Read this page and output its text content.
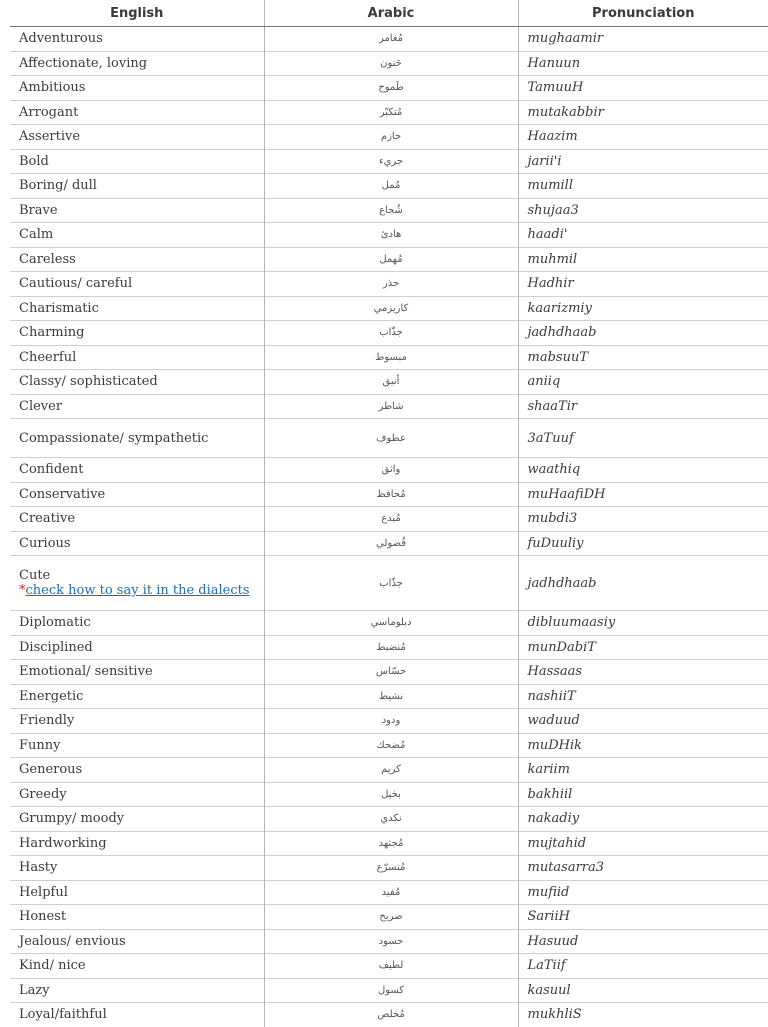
English	Arabic	Pronunciation
Adventurous	مُغامر	mughaamir
Affectionate, loving	حَنون	Hanuun
Ambitious	طَموح	TamuuH
Arrogant	مُتكبّر	mutakabbir
Assertive	حازم	Haazim
Bold	جريء	jarii'i
Boring/ dull	مُمل	mumill
Brave	شُجاع	shujaa3
Calm	هادئ	haadi'
Careless	مُهمل	muhmil
Cautious/ careful	حذر	Hadhir
Charismatic	كاريزمي	kaarizmiy
Charming	جذّاب	jadhdhaab
Cheerful	مبسوط	mabsuuT
Classy/ sophisticated	أنيق	aniiq
Clever	شاطر	shaaTir
Compassionate/ sympathetic	عطوف	3aTuuf
Confident	واثق	waathiq
Conservative	مُحافظ	muHaafiDH
Creative	مُبدع	mubdi3
Curious	فُضولي	fuDuuliy
Cute
*check how to say it in the dialects	جذّاب	jadhdhaab
Diplomatic	دبلوماسي	dibluumaasiy
Disciplined	مُنضبط	munDabiT
Emotional/ sensitive	حسّاس	Hassaas
Energetic	نشيط	nashiiT
Friendly	ودود	waduud
Funny	مُضحك	muDHik
Generous	كريم	kariim
Greedy	بخيل	bakhiil
Grumpy/ moody	نكدي	nakadiy
Hardworking	مُجتهد	mujtahid
Hasty	مُتسرّع	mutasarra3
Helpful	مُفيد	mufiid
Honest	صريح	SariiH
Jealous/ envious	حسود	Hasuud
Kind/ nice	لطيف	LaTiif
Lazy	كسول	kasuul
Loyal/faithful	مُخلص	mukhliS
